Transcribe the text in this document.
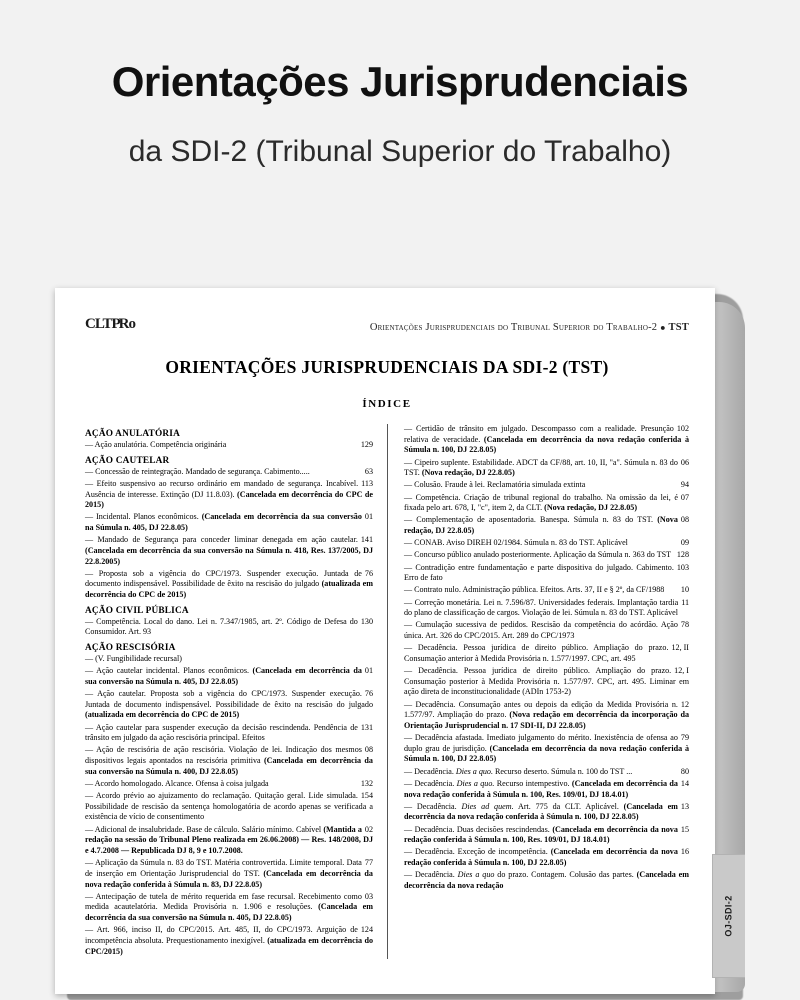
Orientações Jurisprudenciais
da SDI-2 (Tribunal Superior do Trabalho)
CLTPRo	Orientações Jurisprudenciais do Tribunal Superior do Trabalho-2 ● TST
ORIENTAÇÕES JURISPRUDENCIAIS DA SDI-2 (TST)
ÍNDICE
AÇÃO ANULATÓRIA
129
— Ação anulatória. Competência originária
AÇÃO CAUTELAR
63
— Concessão de reintegração. Mandado de segurança. Cabimento.....
113
— Efeito suspensivo ao recurso ordinário em mandado de segurança. Incabível. Ausência de interesse. Extinção (DJ 11.8.03). (Cancelada em decorrência do CPC de 2015)
01
— Incidental. Planos econômicos. (Cancelada em decorrência da sua conversão na Súmula n. 405, DJ 22.8.05)
141
— Mandado de Segurança para conceder liminar denegada em ação cautelar. (Cancelada em decorrência da sua conversão na Súmula n. 418, Res. 137/2005, DJ 22.8.2005)
76
— Proposta sob a vigência do CPC/1973. Suspender execução. Juntada de documento indispensável. Possibilidade de êxito na rescisão do julgado (atualizada em decorrência do CPC de 2015)
AÇÃO CIVIL PÚBLICA
130
— Competência. Local do dano. Lei n. 7.347/1985, art. 2º. Código de Defesa do Consumidor. Art. 93
AÇÃO RESCISÓRIA
— (V. Fungibilidade recursal)
01
— Ação cautelar incidental. Planos econômicos. (Cancelada em decorrência da sua conversão na Súmula n. 405, DJ 22.8.05)
76
— Ação cautelar. Proposta sob a vigência do CPC/1973. Suspender execução. Juntada de documento indispensável. Possibilidade de êxito na rescisão do julgado (atualizada em decorrência do CPC de 2015)
131
— Ação cautelar para suspender execução da decisão rescindenda. Pendência de trânsito em julgado da ação rescisória principal. Efeitos
08
— Ação de rescisória de ação rescisória. Violação de lei. Indicação dos mesmos dispositivos legais apontados na rescisória primitiva (Cancelada em decorrência da sua conversão na Súmula n. 400, DJ 22.8.05)
132
— Acordo homologado. Alcance. Ofensa à coisa julgada
154
— Acordo prévio ao ajuizamento do reclamação. Quitação geral. Lide simulada. Possibilidade de rescisão da sentença homologatória de acordo apenas se verificada a existência de vício de consentimento
02
— Adicional de insalubridade. Base de cálculo. Salário mínimo. Cabível (Mantida a redação na sessão do Tribunal Pleno realizada em 26.06.2008) — Res. 148/2008, DJ e 4.7.2008 — Republicada DJ 8, 9 e 10.7.2008.
77
— Aplicação da Súmula n. 83 do TST. Matéria controvertida. Limite temporal. Data de inserção em Orientação Jurisprudencial do TST. (Cancelada em decorrência da nova redação conferida à Súmula n. 83, DJ 22.8.05)
03
— Antecipação de tutela de mérito requerida em fase recursal. Recebimento como medida acautelatória. Medida Provisória n. 1.906 e resoluções. (Cancelada em decorrência da sua conversão na Súmula n. 405, DJ 22.8.05)
124
— Art. 966, inciso II, do CPC/2015. Art. 485, II, do CPC/1973. Arguição de incompetência absoluta. Prequestionamento inexigível. (atualizada em decorrência do CPC/2015)
102
— Certidão de trânsito em julgado. Descompasso com a realidade. Presunção relativa de veracidade. (Cancelada em decorrência da nova redação conferida à Súmula n. 100, DJ 22.8.05)
06
— Cipeiro suplente. Estabilidade. ADCT da CF/88, art. 10, II, "a". Súmula n. 83 do TST. (Nova redação, DJ 22.8.05)
94
— Colusão. Fraude à lei. Reclamatória simulada extinta
07
— Competência. Criação de tribunal regional do trabalho. Na omissão da lei, é fixada pelo art. 678, I, "c", item 2, da CLT. (Nova redação, DJ 22.8.05)
08
— Complementação de aposentadoria. Banespa. Súmula n. 83 do TST. (Nova redação, DJ 22.8.05)
09
— CONAB. Aviso DIREH 02/1984. Súmula n. 83 do TST. Aplicável
128
— Concurso público anulado posteriormente. Aplicação da Súmula n. 363 do TST
103
— Contradição entre fundamentação e parte dispositiva do julgado. Cabimento. Erro de fato
10
— Contrato nulo. Administração pública. Efeitos. Arts. 37, II e § 2º, da CF/1988
11
— Correção monetária. Lei n. 7.596/87. Universidades federais. Implantação tardia do plano de classificação de cargos. Violação de lei. Súmula n. 83 do TST. Aplicável
78
— Cumulação sucessiva de pedidos. Rescisão da competência do acórdão. Ação única. Art. 326 do CPC/2015. Art. 289 do CPC/1973
12, II
— Decadência. Pessoa jurídica de direito público. Ampliação do prazo. Consumação anterior à Medida Provisória n. 1.577/1997. CPC, art. 495
12, I
— Decadência. Pessoa jurídica de direito público. Ampliação do prazo. Consumação posterior à Medida Provisória n. 1.577/97. CPC, art. 495. Liminar em ação direta de inconstitucionalidade (ADIn 1753-2)
12
— Decadência. Consumação antes ou depois da edição da Medida Provisória n. 1.577/97. Ampliação do prazo. (Nova redação em decorrência da incorporação da Orientação Jurisprudencial n. 17 SDI-II, DJ 22.8.05)
79
— Decadência afastada. Imediato julgamento do mérito. Inexistência de ofensa ao duplo grau de jurisdição. (Cancelada em decorrência da nova redação conferida à Súmula n. 100, DJ 22.8.05)
80
— Decadência. Dies a quo. Recurso deserto. Súmula n. 100 do TST ...
14
— Decadência. Dies a quo. Recurso intempestivo. (Cancelada em decorrência da nova redação conferida à Súmula n. 100, Res. 109/01, DJ 18.4.01)
13
— Decadência. Dies ad quem. Art. 775 da CLT. Aplicável. (Cancelada em decorrência da nova redação conferida à Súmula n. 100, DJ 22.8.05)
15
— Decadência. Duas decisões rescindendas. (Cancelada em decorrência da nova redação conferida à Súmula n. 100, Res. 109/01, DJ 18.4.01)
16
— Decadência. Exceção de incompetência. (Cancelada em decorrência da nova redação conferida à Súmula n. 100, DJ 22.8.05)
— Decadência. Dies a quo do prazo. Contagem. Colusão das partes. (Cancelada em decorrência da nova redação
OJ-SDI-2
